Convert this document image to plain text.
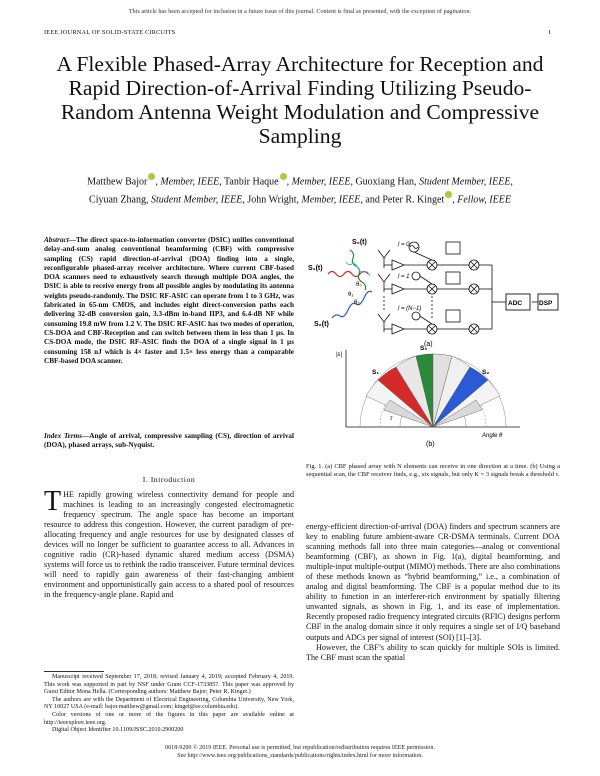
This article has been accepted for inclusion in a future issue of this journal. Content is final as presented, with the exception of pagination.
IEEE JOURNAL OF SOLID-STATE CIRCUITS	1
A Flexible Phased-Array Architecture for Reception and Rapid Direction-of-Arrival Finding Utilizing Pseudo-Random Antenna Weight Modulation and Compressive Sampling
Matthew Bajor , Member, IEEE, Tanbir Haque , Member, IEEE, Guoxiang Han, Student Member, IEEE,
Ciyuan Zhang, Student Member, IEEE, John Wright, Member, IEEE, and Peter R. Kinget , Fellow, IEEE
Abstract—The direct space-to-information converter (DSIC) unifies conventional delay-and-sum analog conventional beamforming (CBF) with compressive sampling (CS) rapid direction-of-arrival (DOA) finding into a single, reconfigurable phased-array receiver architecture. Where current CBF-based DOA scanners need to exhaustively search through multiple DOA angles, the DSIC is able to receive energy from all possible angles by modulating its antenna weights pseudo-randomly. The DSIC RF-ASIC can operate from 1 to 3 GHz, was fabricated in 65-nm CMOS, and includes eight direct-conversion paths each delivering 32-dB conversion gain, 3.3-dBm in-band IIP3, and 6.4-dB NF while consuming 19.8 mW from 1.2 V. The DSIC RF-ASIC has two modes of operation, CS-DOA and CBF-Reception and can switch between them in less than 1 µs. In CS-DOA mode, the DSIC RF-ASIC finds the DOA of a single signal in 1 µs consuming 158 nJ which is 4× faster and 1.5× less energy than a comparable CBF-based DOA scanner.
Index Terms—Angle of arrival, compressive sampling (CS), direction of arrival (DOA), phased arrays, sub-Nyquist.
I. Introduction
THE rapidly growing wireless connectivity demand for people and machines is leading to an increasingly congested electromagnetic frequency spectrum. The angle space has become an important resource to address this congestion. However, the current paradigm of pre-allocating frequency and angle resources for use by designated classes of devices will no longer be sufficient to guarantee access to all. Advances in cognitive radio (CR)-based dynamic shared medium access (DSMA) systems will force us to rethink the radio transceiver. Future terminal devices will need to rapidly gain awareness of their fast-changing ambient environment and opportunistically gain access to a shared pool of resources in the frequency-angle plane. Rapid and

Manuscript received September 17, 2018; revised January 4, 2019; accepted February 4, 2019. This work was supported in part by NSF under Grant CCF-1733857. This paper was approved by Guest Editor Mona Hella. (Corresponding authors: Matthew Bajor; Peter R. Kinget.)

The authors are with the Department of Electrical Engineering, Columbia University, New York, NY 10027 USA (e-mail: bajor.matthew@gmail.com; kinget@ee.columbia.edu).

Color versions of one or more of the figures in this paper are available online at http://ieeexplore.ieee.org.

Digital Object Identifier 10.1109/JSSC.2019.2900200

S₀(t)
S₁(t)
S₂(t)
θ₀
θ₁
θ₂
l = 0
l = 1
l = (N−1)
ADC	DSP
(a)
|s|
S₁
S₀
S₂
τ
Angle θ
(b)
Fig. 1. (a) CBF phased array with N elements can receive in one direction at a time. (b) Using a sequential scan, the CBF receiver finds, e.g., six signals, but only K = 3 signals break a threshold τ.

energy-efficient direction-of-arrival (DOA) finders and spectrum scanners are key to enabling future ambient-aware CR-DSMA terminals. Current DOA scanning methods fall into three main categories—analog or conventional beamforming (CBF), as shown in Fig. 1(a), digital beamforming, and multiple-input multiple-output (MIMO) methods. There are also combinations of these methods known as “hybrid beamforming,” i.e., a combination of analog and digital beamforming. The CBF is a popular method due to its ability to function in an interferer-rich environment by spatially filtering unwanted signals, as shown in Fig. 1, and its ease of implementation. Recently proposed radio frequency integrated circuits (RFIC) designs perform CBF in the analog domain since it only requires a single set of I/Q baseband outputs and ADCs per signal of interest (SOI) [1]–[3].

However, the CBF’s ability to scan quickly for multiple SOIs is limited. The CBF must scan the spatial

0018-9200 © 2019 IEEE. Personal use is permitted, but republication/redistribution requires IEEE permission.
See http://www.ieee.org/publications_standards/publications/rights/index.html for more information.
